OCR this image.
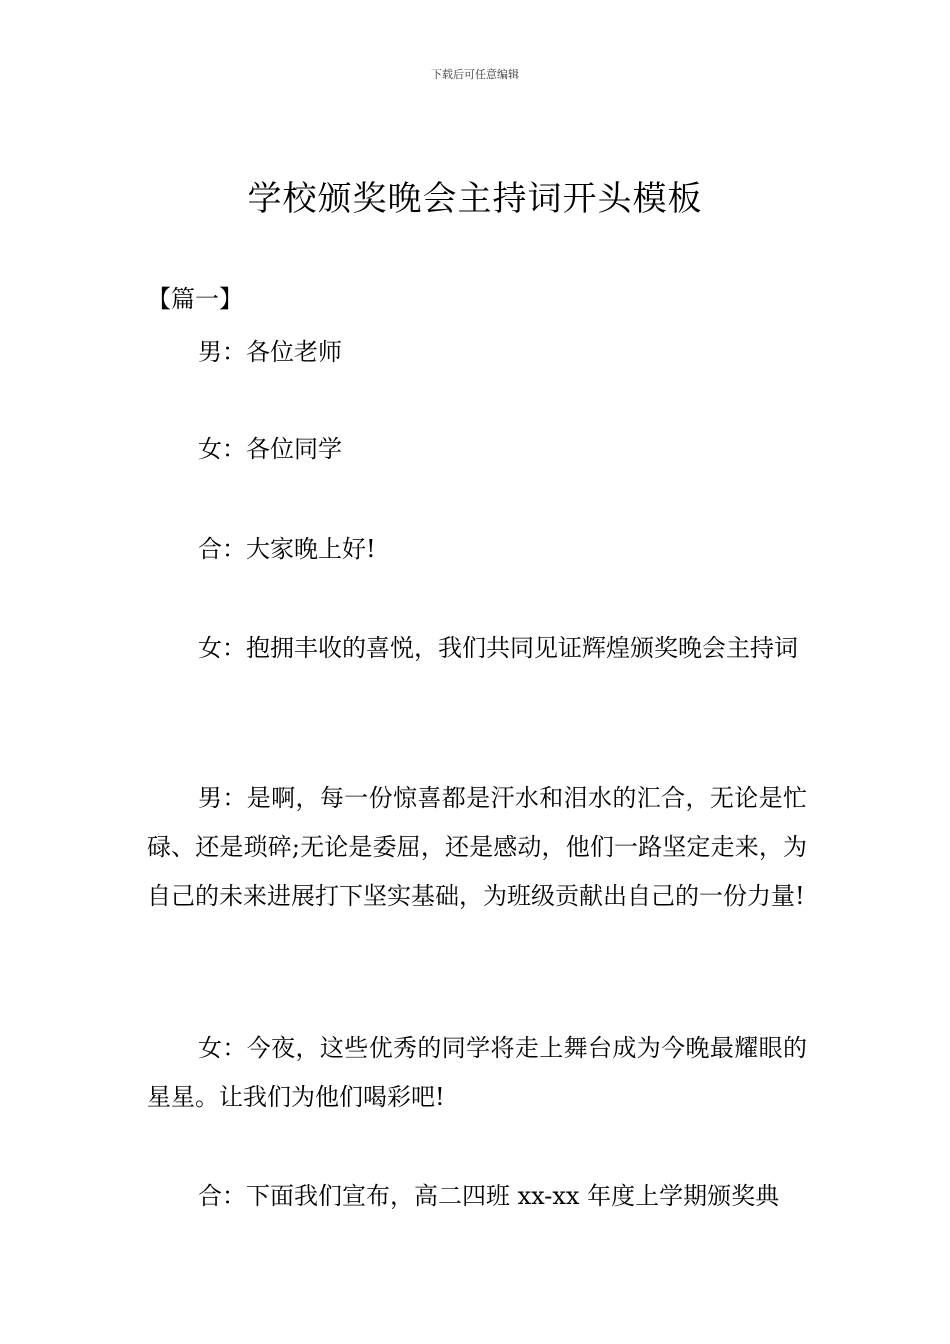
下载后可任意编辑
学校颁奖晚会主持词开头模板
【篇一】
男：各位老师
女：各位同学
合：大家晚上好!
女：抱拥丰收的喜悦，我们共同见证辉煌颁奖晚会主持词
男：是啊，每一份惊喜都是汗水和泪水的汇合，无论是忙碌、还是琐碎;无论是委屈，还是感动，他们一路坚定走来，为自己的未来进展打下坚实基础，为班级贡献出自己的一份力量!
女：今夜，这些优秀的同学将走上舞台成为今晚最耀眼的星星。让我们为他们喝彩吧!
合：下面我们宣布，高二四班 xx-xx 年度上学期颁奖典
